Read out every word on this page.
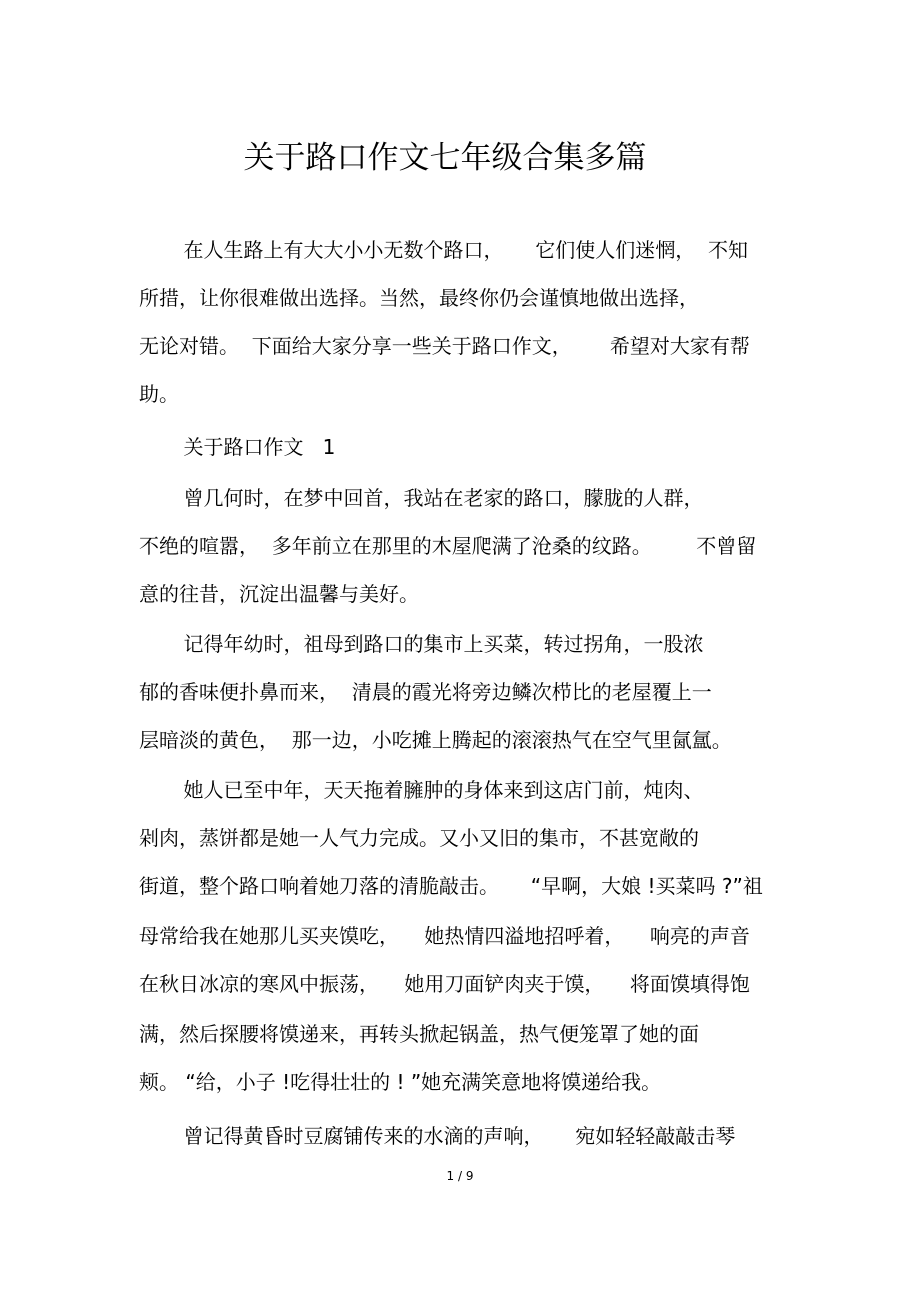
关于路口作文七年级合集多篇

在人生路上有大大小小无数个路口，     它们使人们迷惘，  不知

所措，让你很难做出选择。当然，最终你仍会谨慎地做出选择，

无论对错。  下面给大家分享一些关于路口作文，      希望对大家有帮

助。

关于路口作文   1

曾几何时，在梦中回首，我站在老家的路口，朦胧的人群，

不绝的喧嚣，  多年前立在那里的木屋爬满了沧桑的纹路。       不曾留

意的往昔，沉淀出温馨与美好。

记得年幼时，祖母到路口的集市上买菜，转过拐角，一股浓

郁的香味便扑鼻而来，  清晨的霞光将旁边鳞次栉比的老屋覆上一

层暗淡的黄色，  那一边，小吃摊上腾起的滚滚热气在空气里氤氲。

她人已至中年，天天拖着臃肿的身体来到这店门前，炖肉、

剁肉，蒸饼都是她一人气力完成。又小又旧的集市，不甚宽敞的

街道，整个路口响着她刀落的清脆敲击。     “早啊，大娘 !买菜吗 ?”祖

母常给我在她那儿买夹馍吃，    她热情四溢地招呼着，    响亮的声音

在秋日冰凉的寒风中振荡，    她用刀面铲肉夹于馍，    将面馍填得饱

满，然后探腰将馍递来，再转头掀起锅盖，热气便笼罩了她的面

颊。 “给，小子 !吃得壮壮的 ! ”她充满笑意地将馍递给我。

曾记得黄昏时豆腐铺传来的水滴的声响，     宛如轻轻敲敲击琴

1 / 9
